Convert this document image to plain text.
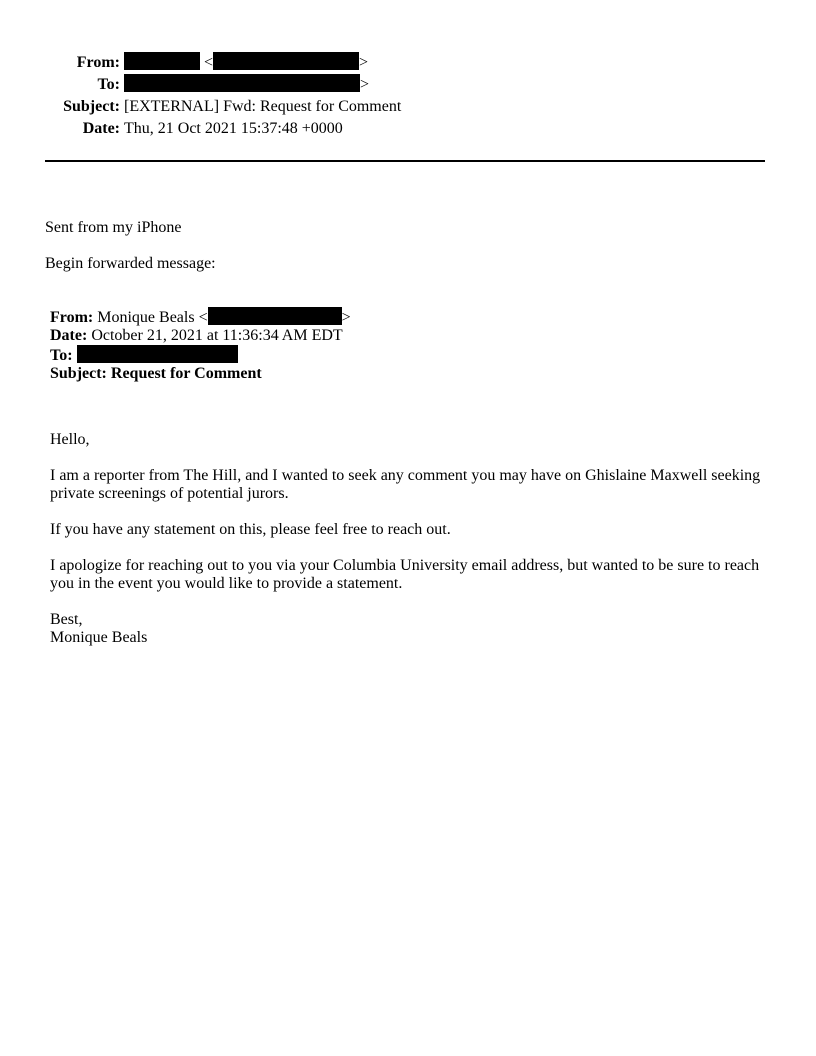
From:	<	>
To:	>
Subject: [EXTERNAL] Fwd: Request for Comment
Date: Thu, 21 Oct 2021 15:37:48 +0000
Sent from my iPhone
Begin forwarded message:
From: Monique Beals <	>
Date: October 21, 2021 at 11:36:34 AM EDT
To:
Subject: Request for Comment
Hello,
I am a reporter from The Hill, and I wanted to seek any comment you may have on Ghislaine Maxwell seeking private screenings of potential jurors.
If you have any statement on this, please feel free to reach out.
I apologize for reaching out to you via your Columbia University email address, but wanted to be sure to reach you in the event you would like to provide a statement.
Best,
Monique Beals
